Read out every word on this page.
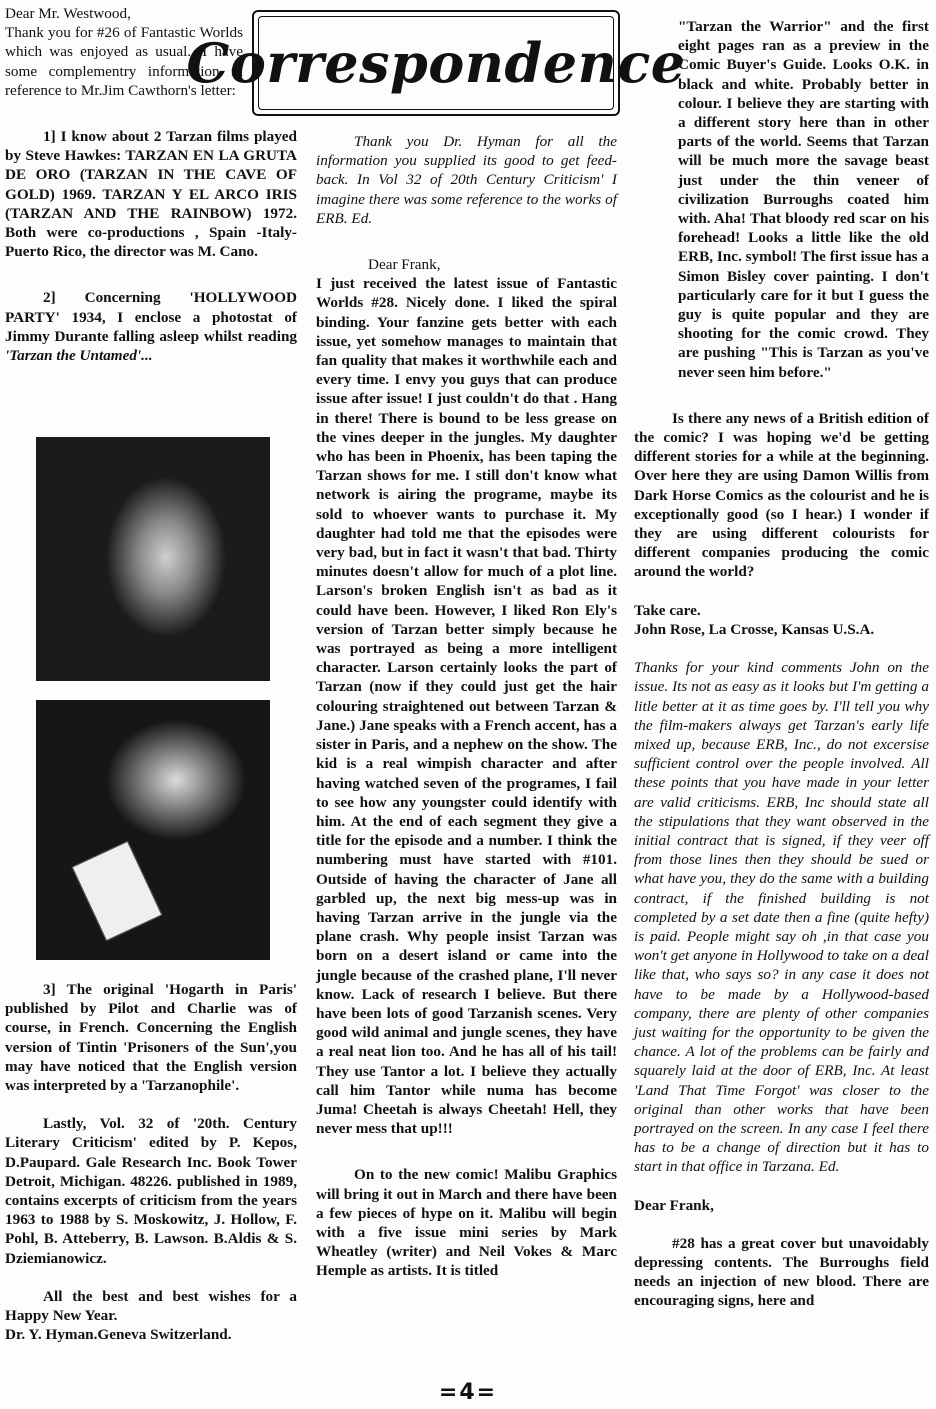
Correspondence

Dear Mr. Westwood,

Thank you for #26 of Fantastic Worlds which was enjoyed as usual.. I have some complementry information in reference to Mr.Jim Cawthorn's letter:

1] I know about 2 Tarzan films played by Steve Hawkes: TARZAN EN LA GRUTA DE ORO (TARZAN IN THE CAVE OF GOLD) 1969. TARZAN Y EL ARCO IRIS (TARZAN AND THE RAINBOW) 1972. Both were co-productions , Spain -Italy-Puerto Rico, the director was M. Cano.

2] Concerning 'HOLLYWOOD PARTY' 1934, I enclose a photostat of Jimmy Durante falling asleep whilst reading 'Tarzan the Untamed'...

3] The original 'Hogarth in Paris' published by Pilot and Charlie was of course, in French. Concerning the English version of Tintin 'Prisoners of the Sun',you may have noticed that the English version was interpreted by a 'Tarzanophile'.

Lastly, Vol. 32 of '20th. Century Literary Criticism' edited by P. Kepos, D.Paupard. Gale Research Inc. Book Tower Detroit, Michigan. 48226. published in 1989, contains excerpts of criticism from the years 1963 to 1988 by S. Moskowitz, J. Hollow, F. Pohl, B. Atteberry, B. Lawson. B.Aldis & S. Dziemianowicz.

All the best and best wishes for a Happy New Year.

Dr. Y. Hyman.Geneva Switzerland.

Thank you Dr. Hyman for all the information you supplied its good to get feed-back. In Vol 32 of 20th Century Criticism' I imagine there was some reference to the works of ERB. Ed.

Dear Frank,

I just received the latest issue of Fantastic Worlds #28. Nicely done. I liked the spiral binding. Your fanzine gets better with each issue, yet somehow manages to maintain that fan quality that makes it worthwhile each and every time. I envy you guys that can produce issue after issue! I just couldn't do that . Hang in there! There is bound to be less grease on the vines deeper in the jungles. My daughter who has been in Phoenix, has been taping the Tarzan shows for me. I still don't know what network is airing the programe, maybe its sold to whoever wants to purchase it. My daughter had told me that the episodes were very bad, but in fact it wasn't that bad. Thirty minutes doesn't allow for much of a plot line. Larson's broken English isn't as bad as it could have been. However, I liked Ron Ely's version of Tarzan better simply because he was portrayed as being a more intelligent character. Larson certainly looks the part of Tarzan (now if they could just get the hair colouring straightened out between Tarzan & Jane.) Jane speaks with a French accent, has a sister in Paris, and a nephew on the show. The kid is a real wimpish character and after having watched seven of the programes, I fail to see how any youngster could identify with him. At the end of each segment they give a title for the episode and a number. I think the numbering must have started with #101. Outside of having the character of Jane all garbled up, the next big mess-up was in having Tarzan arrive in the jungle via the plane crash. Why people insist Tarzan was born on a desert island or came into the jungle because of the crashed plane, I'll never know. Lack of research I believe. But there have been lots of good Tarzanish scenes. Very good wild animal and jungle scenes, they have a real neat lion too. And he has all of his tail! They use Tantor a lot. I believe they actually call him Tantor while numa has become Juma! Cheetah is always Cheetah! Hell, they never mess that up!!!

On to the new comic! Malibu Graphics will bring it out in March and there have been a few pieces of hype on it. Malibu will begin with a five issue mini series by Mark Wheatley (writer) and Neil Vokes & Marc Hemple as artists. It is titled

"Tarzan the Warrior" and the first eight pages ran as a preview in the Comic Buyer's Guide. Looks O.K. in black and white. Probably better in colour. I believe they are starting with a different story here than in other parts of the world. Seems that Tarzan will be much more the savage beast just under the thin veneer of civilization Burroughs coated him with. Aha! That bloody red scar on his forehead! Looks a little like the old ERB, Inc. symbol! The first issue has a Simon Bisley cover painting. I don't particularly care for it but I guess the guy is quite popular and they are shooting for the comic crowd. They are pushing "This is Tarzan as you've never seen him before."

Is there any news of a British edition of the comic? I was hoping we'd be getting different stories for a while at the beginning. Over here they are using Damon Willis from Dark Horse Comics as the colourist and he is exceptionally good (so I hear.) I wonder if they are using different colourists for different companies producing the comic around the world?

Take care.

John Rose, La Crosse, Kansas U.S.A.

Thanks for your kind comments John on the issue. Its not as easy as it looks but I'm getting a litle better at it as time goes by. I'll tell you why the film-makers always get Tarzan's early life mixed up, because ERB, Inc., do not excersise sufficient control over the people involved. All these points that you have made in your letter are valid criticisms. ERB, Inc should state all the stipulations that they want observed in the initial contract that is signed, if they veer off from those lines then they should be sued or what have you, they do the same with a building contract, if the finished building is not completed by a set date then a fine (quite hefty) is paid. People might say oh ,in that case you won't get anyone in Hollywood to take on a deal like that, who says so? in any case it does not have to be made by a Hollywood-based company, there are plenty of other companies just waiting for the opportunity to be given the chance. A lot of the problems can be fairly and squarely laid at the door of ERB, Inc. At least 'Land That Time Forgot' was closer to the original than other works that have been portrayed on the screen. In any case I feel there has to be a change of direction but it has to start in that office in Tarzana. Ed.

Dear Frank,

#28 has a great cover but unavoidably depressing contents. The Burroughs field needs an injection of new blood. There are encouraging signs, here and

=4=
